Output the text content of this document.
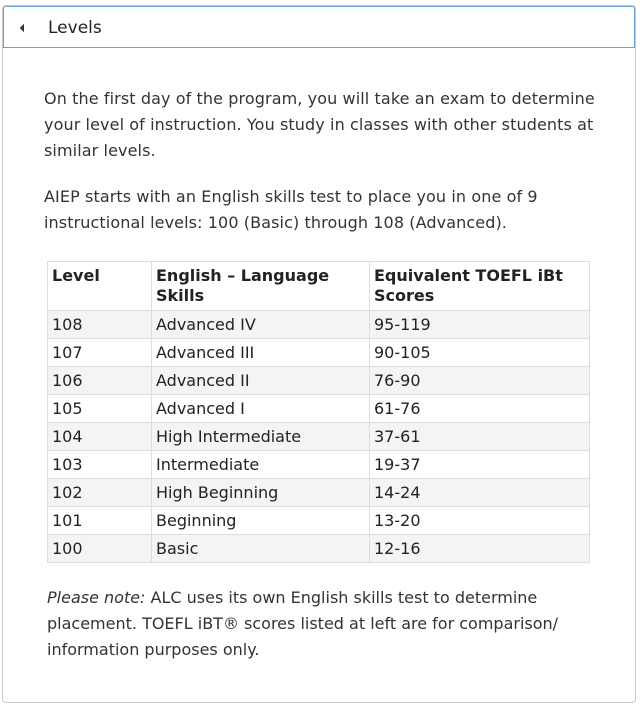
Levels

On the first day of the program, you will take an exam to determine your level of instruction. You study in classes with other students at similar levels.

AIEP starts with an English skills test to place you in one of 9 instructional levels: 100 (Basic) through 108 (Advanced).

Level	English – Language Skills	Equivalent TOEFL iBt Scores
108	Advanced IV	95-119
107	Advanced III	90-105
106	Advanced II	76-90
105	Advanced I	61-76
104	High Intermediate	37-61
103	Intermediate	19-37
102	High Beginning	14-24
101	Beginning	13-20
100	Basic	12-16

Please note: ALC uses its own English skills test to determine placement. TOEFL iBT® scores listed at left are for comparison/ information purposes only.
